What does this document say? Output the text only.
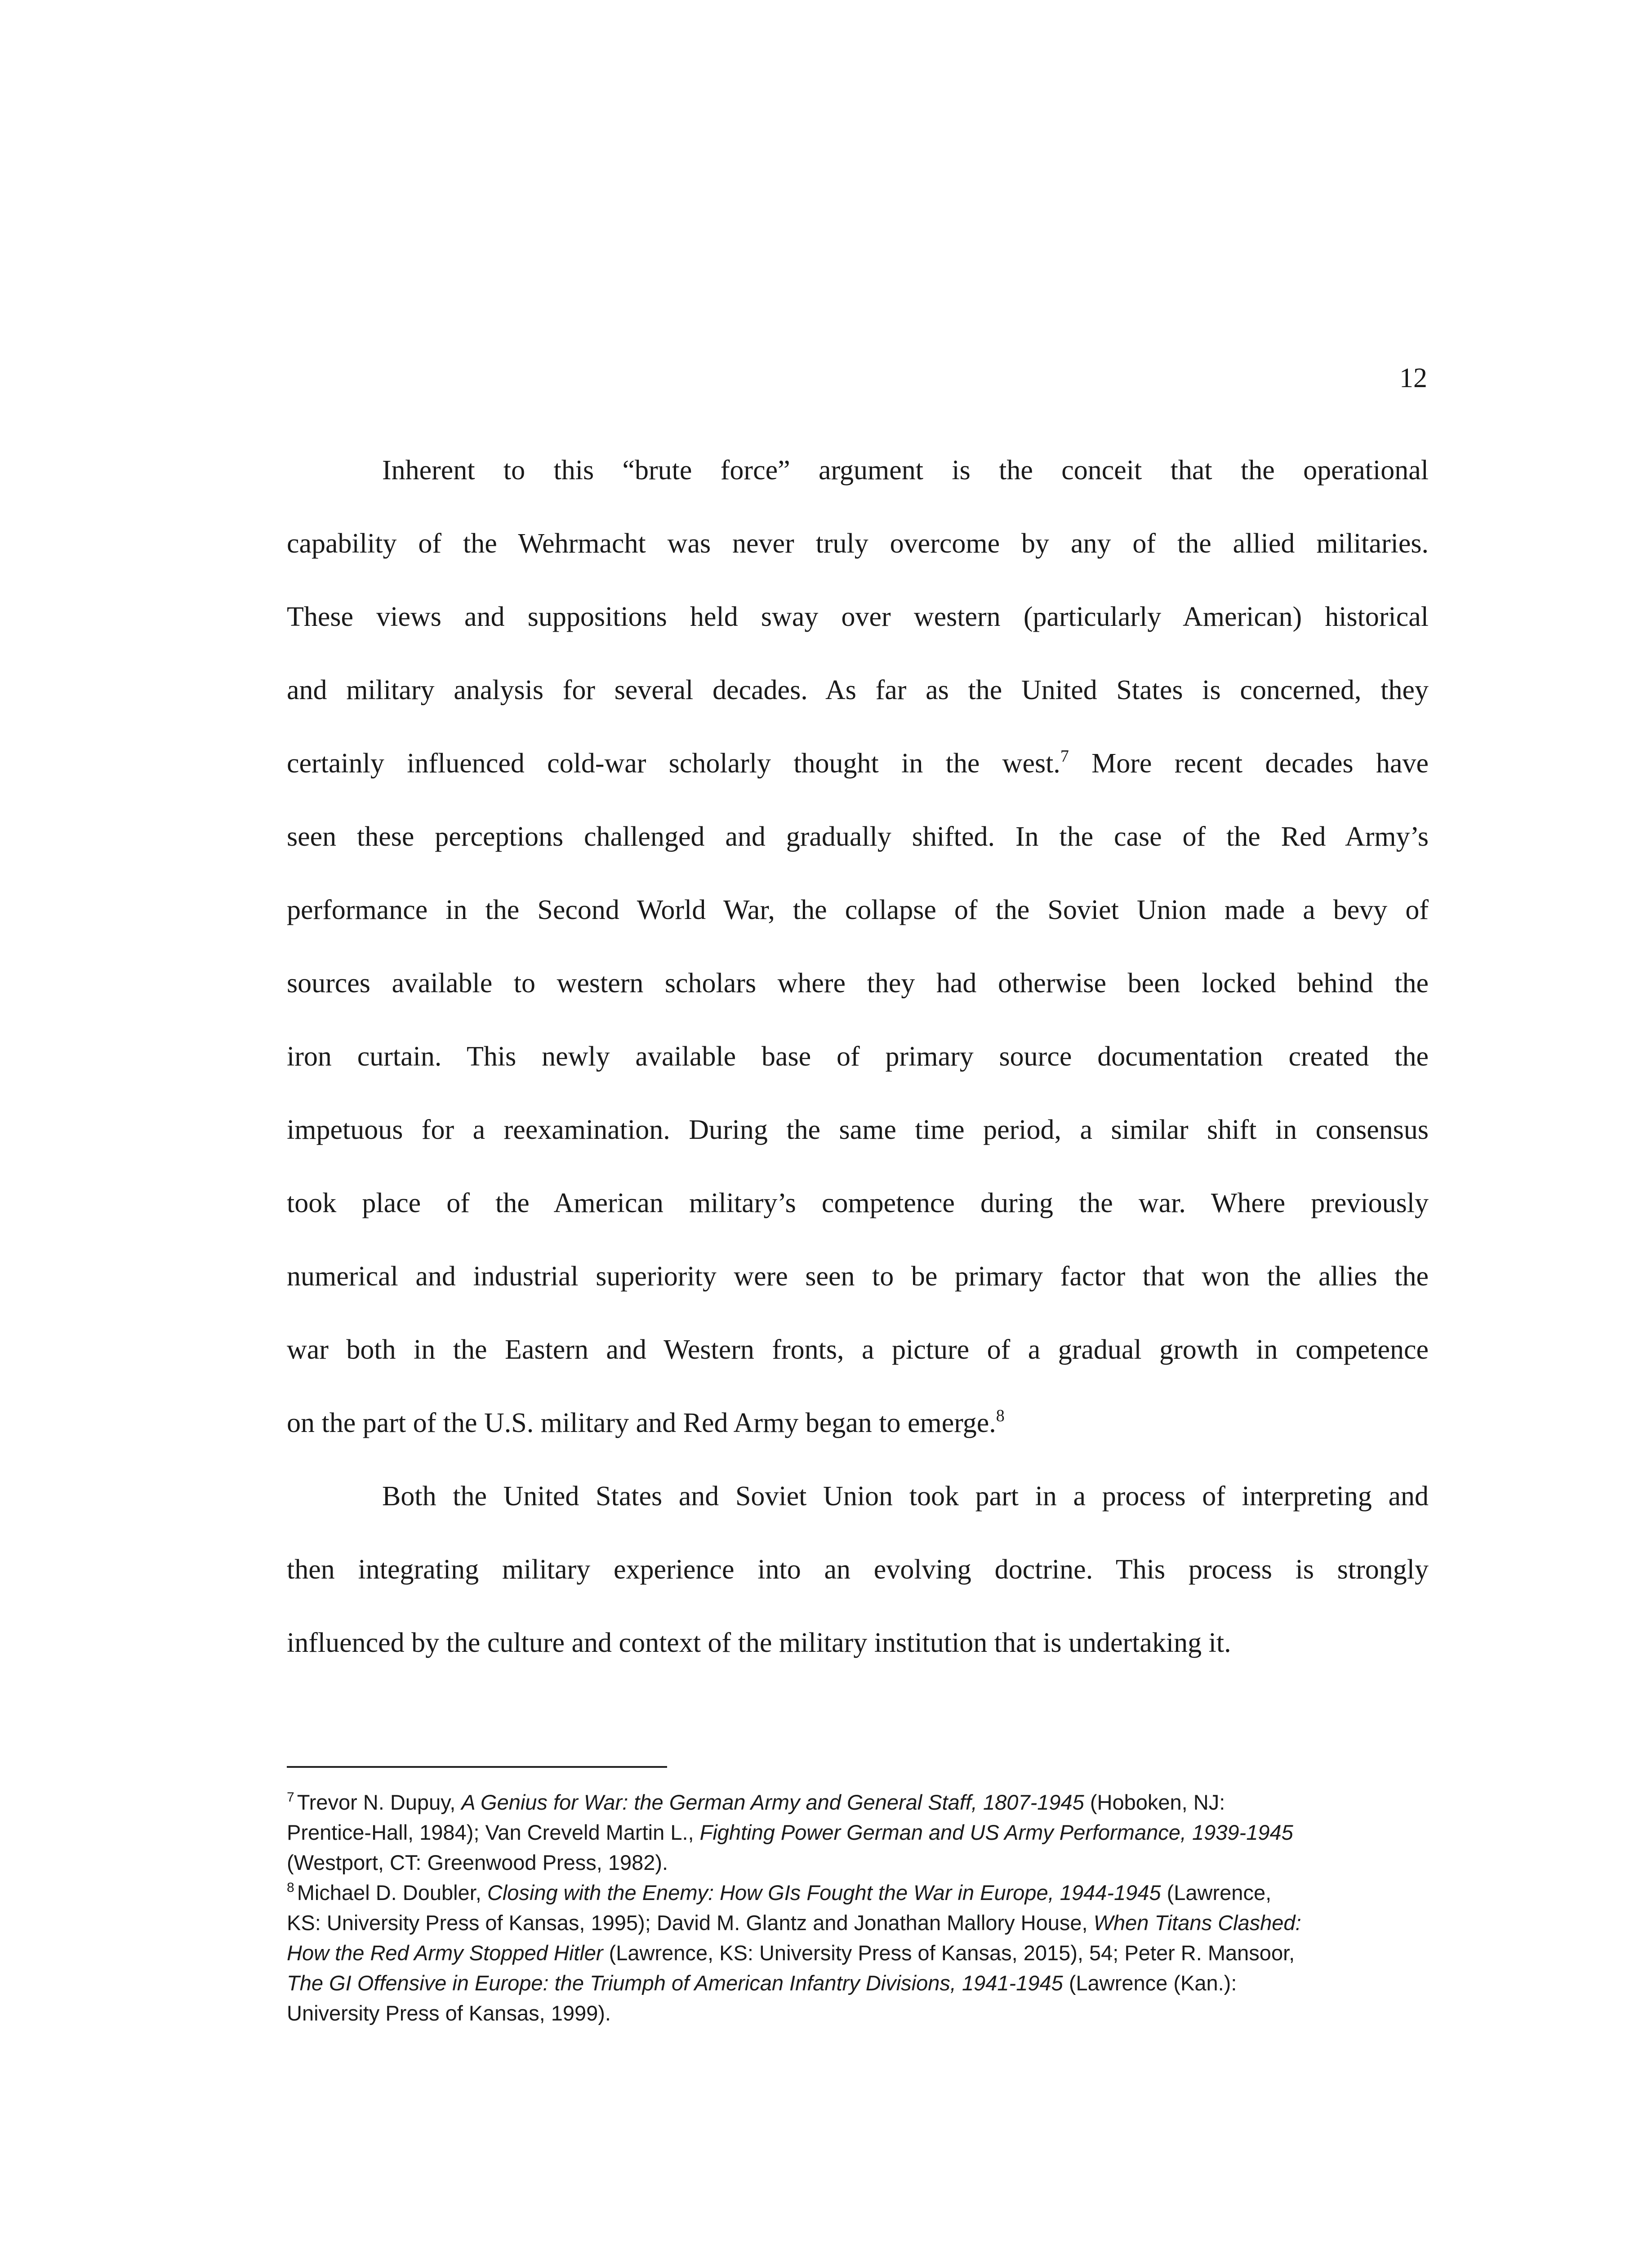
12
Inherent to this “brute force” argument is the conceit that the operational
capability of the Wehrmacht was never truly overcome by any of the allied militaries.
These views and suppositions held sway over western (particularly American) historical
and military analysis for several decades. As far as the United States is concerned, they
certainly influenced cold-war scholarly thought in the west.$^7$ More recent decades have
seen these perceptions challenged and gradually shifted. In the case of the Red Army’s
performance in the Second World War, the collapse of the Soviet Union made a bevy of
sources available to western scholars where they had otherwise been locked behind the
iron curtain. This newly available base of primary source documentation created the
impetuous for a reexamination. During the same time period, a similar shift in consensus
took place of the American military’s competence during the war. Where previously
numerical and industrial superiority were seen to be primary factor that won the allies the
war both in the Eastern and Western fronts, a picture of a gradual growth in competence
on the part of the U.S. military and Red Army began to emerge.$^8$
Both the United States and Soviet Union took part in a process of interpreting and
then integrating military experience into an evolving doctrine. This process is strongly
influenced by the culture and context of the military institution that is undertaking it.
$^7$ Trevor N. Dupuy, A Genius for War: the German Army and General Staff, 1807-1945 (Hoboken, NJ:
Prentice-Hall, 1984); Van Creveld Martin L., Fighting Power German and US Army Performance, 1939-1945
(Westport, CT: Greenwood Press, 1982).
$^8$ Michael D. Doubler, Closing with the Enemy: How GIs Fought the War in Europe, 1944-1945 (Lawrence,
KS: University Press of Kansas, 1995); David M. Glantz and Jonathan Mallory House, When Titans Clashed:
How the Red Army Stopped Hitler (Lawrence, KS: University Press of Kansas, 2015), 54; Peter R. Mansoor,
The GI Offensive in Europe: the Triumph of American Infantry Divisions, 1941-1945 (Lawrence (Kan.):
University Press of Kansas, 1999).
